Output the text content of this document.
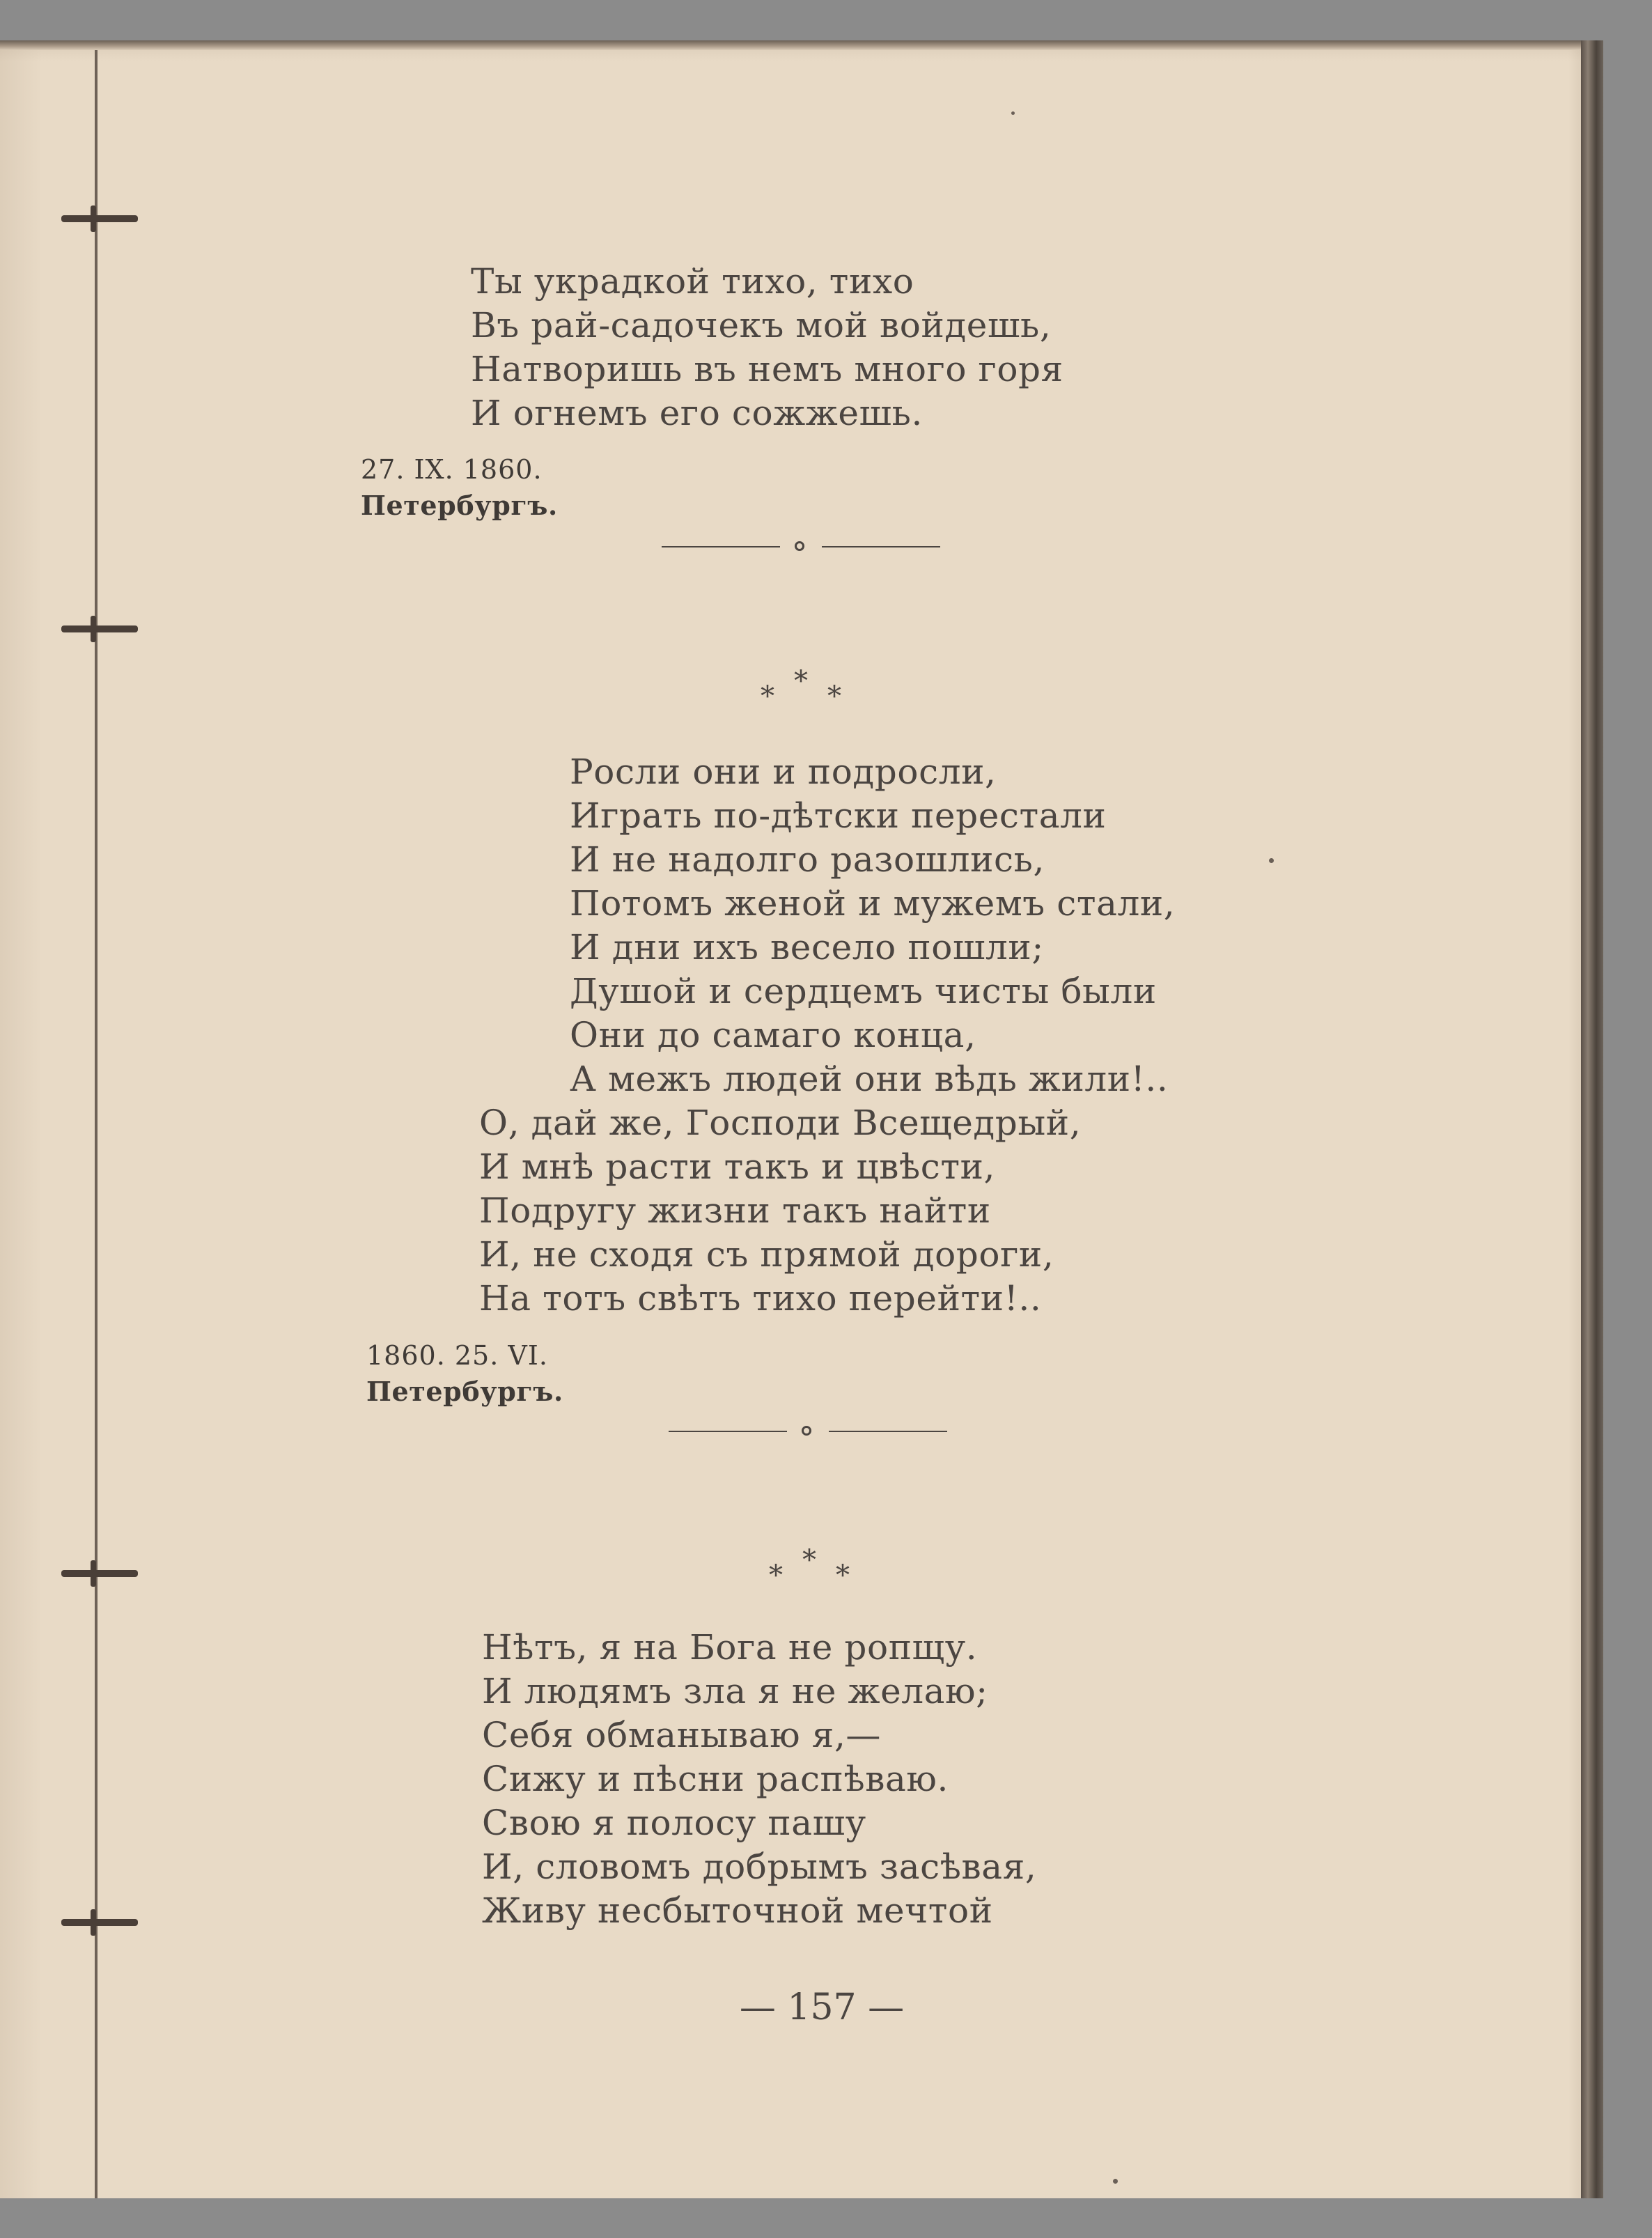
Ты украдкой тихо, тихо
Въ рай-садочекъ мой войдешь,
Натворишь въ немъ много горя
И огнемъ его сожжешь.
27. IX. 1860.
Петербургъ.
*
* *
Росли они и подросли,
Играть по-дѣтски перестали
И не надолго разошлись,
Потомъ женой и мужемъ стали,
И дни ихъ весело пошли;
Душой и сердцемъ чисты были
Они до самаго конца,
А межъ людей они вѣдь жили!..
О, дай же, Господи Всещедрый,
И мнѣ расти такъ и цвѣсти,
Подругу жизни такъ найти
И, не сходя съ прямой дороги,
На тотъ свѣтъ тихо перейти!..
1860. 25. VI.
Петербургъ.
*
* *
Нѣтъ, я на Бога не ропщу.
И людямъ зла я не желаю;
Себя обманываю я,—
Сижу и пѣсни распѣваю.
Свою я полосу пашу
И, словомъ добрымъ засѣвая,
Живу несбыточной мечтой
— 157 —
